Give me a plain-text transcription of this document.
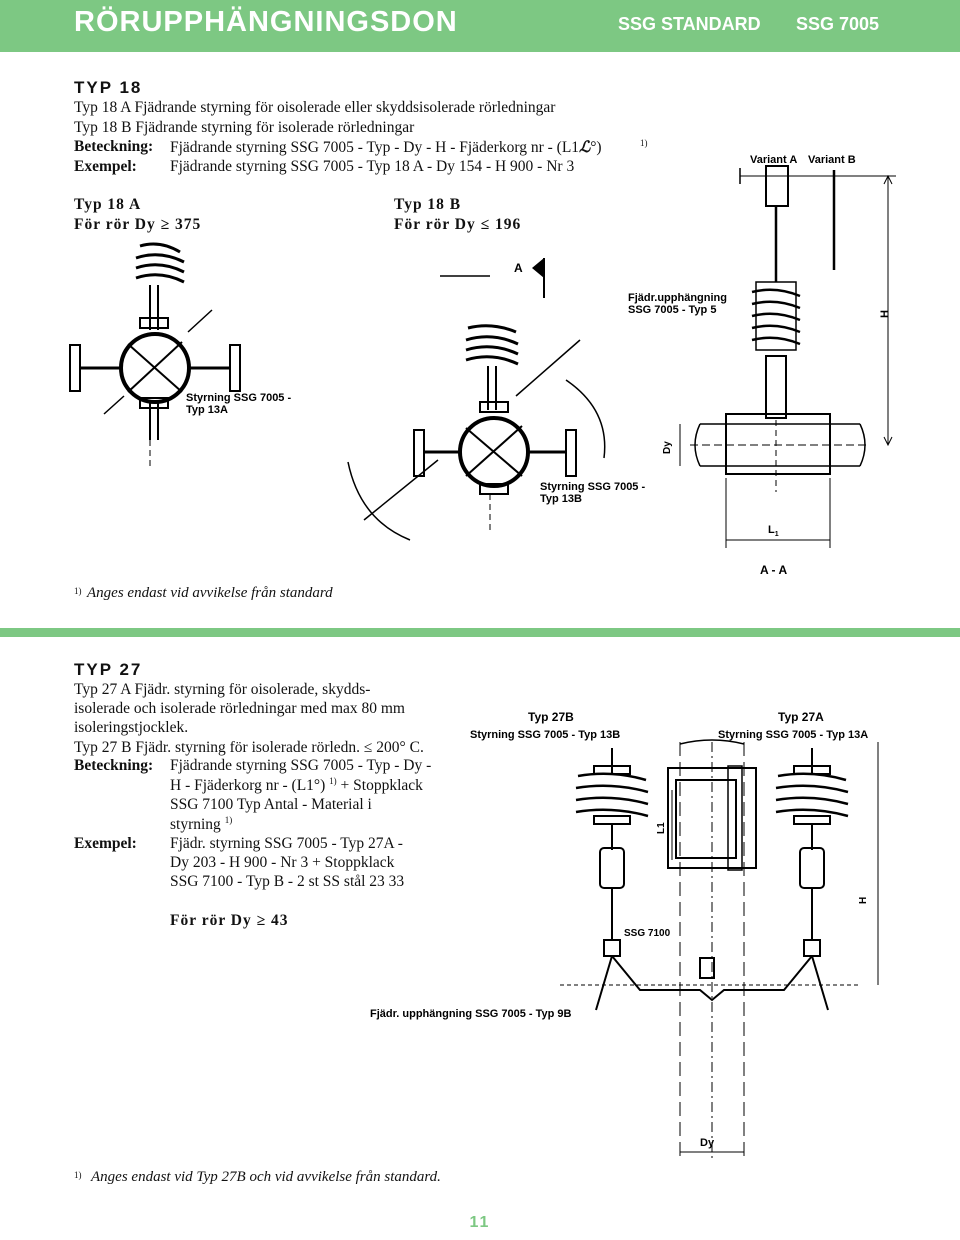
RÖRUPPHÄNGNINGSDON	SSG STANDARD SSG 7005
TYP 18
Typ 18 A Fjädrande styrning för oisolerade eller skyddsisolerade rörledningar
Typ 18 B Fjädrande styrning för isolerade rörledningar
Beteckning: Fjädrande styrning SSG 7005 - Typ - Dy - H - Fjäderkorg nr - (L1ℒ°)	1)
Exempel: Fjädrande styrning SSG 7005 - Typ 18 A - Dy 154 - H 900 - Nr 3
Typ 18 A
För rör Dy ≥ 375
Typ 18 B
För rör Dy ≤ 196
Styrning SSG 7005 -
Typ 13A
A
Styrning SSG 7005 -
Typ 13B
Variant A Variant B
Fjädr.upphängning
SSG 7005 - Typ 5	H
Dy
$L_1$
A - A
1) Anges endast vid avvikelse från standard
TYP 27
Typ 27 A Fjädr. styrning för oisolerade, skydds-
isolerade och isolerade rörledningar med max 80 mm
isoleringstjocklek.
Typ 27 B Fjädr. styrning för isolerade rörledn. ≤ 200° C.
Beteckning: Fjädrande styrning SSG 7005 - Typ - Dy -
H - Fjäderkorg nr - (L1°) $^{1)}$ + Stoppklack
SSG 7100 Typ Antal - Material i
styrning $^{1)}$
Exempel: Fjädr. styrning SSG 7005 - Typ 27A -
Dy 203 - H 900 - Nr 3 + Stoppklack
SSG 7100 - Typ B - 2 st SS stål 23 33
För rör Dy ≥ 43
Typ 27B
Styrning SSG 7005 - Typ 13B
Typ 27A
Styrning SSG 7005 - Typ 13A
SSG 7100
Fjädr. upphängning SSG 7005 - Typ 9B
H
L1
Dy
1) Anges endast vid Typ 27B och vid avvikelse från standard.
11
